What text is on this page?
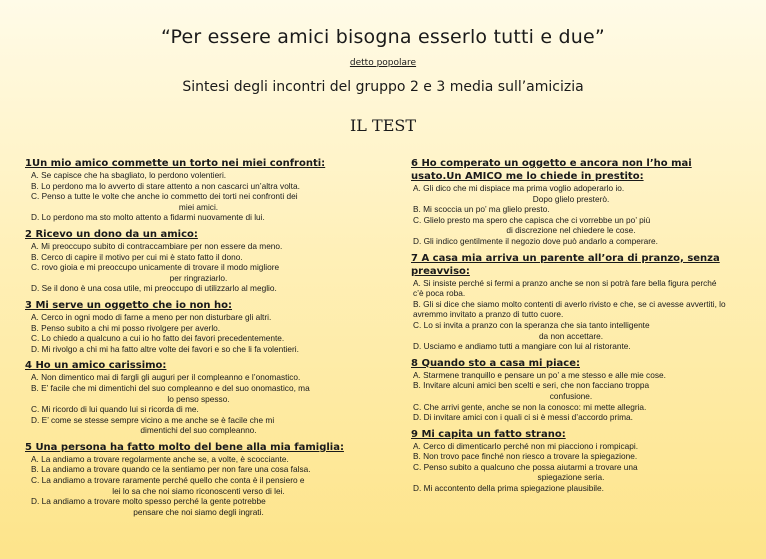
“Per essere amici bisogna esserlo tutti e due”
detto popolare
Sintesi degli incontri del gruppo 2 e 3 media sull’amicizia
IL TEST
1Un mio amico commette un torto nei miei confronti:
A. Se capisce che ha sbagliato, lo perdono volentieri.
B. Lo perdono ma lo avverto di stare attento a non cascarci un’altra volta.
C. Penso a tutte le volte che anche io commetto dei torti nei confronti dei
miei amici.
D. Lo perdono ma sto molto attento a fidarmi nuovamente di lui.
2 Ricevo un dono da un amico:
A. Mi preoccupo subito di contraccambiare per non essere da meno.
B. Cerco di capire il motivo per cui mi è stato fatto il dono.
C. rovo gioia e mi preoccupo unicamente di trovare il modo migliore
per ringraziarlo.
D. Se il dono è una cosa utile, mi preoccupo di utilizzarlo al meglio.
3 Mi serve un oggetto che io non ho:
A. Cerco in ogni modo di farne a meno per non disturbare gli altri.
B. Penso subito a chi mi posso rivolgere per averlo.
C. Lo chiedo a qualcuno a cui io ho fatto dei favori precedentemente.
D. Mi rivolgo a chi mi ha fatto altre volte dei favori e so che li fa volentieri.
4 Ho un amico carissimo:
A. Non dimentico mai di fargli gli auguri per il compleanno e l’onomastico.
B. E’ facile che mi dimentichi del suo compleanno e del suo onomastico, ma
lo penso spesso.
C. Mi ricordo di lui quando lui si ricorda di me.
D. E’ come se stesse sempre vicino a me anche se è facile che mi
dimentichi del suo compleanno.
5 Una persona ha fatto molto del bene alla mia famiglia:
A. La andiamo a trovare regolarmente anche se, a volte, è scocciante.
B. La andiamo a trovare quando ce la sentiamo per non fare una cosa falsa.
C. La andiamo a trovare raramente perché quello che conta è il pensiero e
lei lo sa che noi siamo riconoscenti verso di lei.
D. La andiamo a trovare molto spesso perché la gente potrebbe
pensare che noi siamo degli ingrati.
6 Ho comperato un oggetto e ancora non l’ho mai usato.Un AMICO me lo chiede in prestito:
A. Gli dico che mi dispiace ma prima voglio adoperarlo io.
Dopo glielo presterò.
B. Mi scoccia un po’ ma glielo presto.
C. Glielo presto ma spero che capisca che ci vorrebbe un po’ più
di discrezione nel chiedere le cose.
D. Gli indico gentilmente il negozio dove può andarlo a comperare.
7 A casa mia arriva un parente all’ora di pranzo, senza preavviso:
A. Si insiste perché si fermi a pranzo anche se non si potrà fare bella figura perché c’è poca roba.
B. Gli si dice che siamo molto contenti di averlo rivisto e che, se ci avesse avvertiti, lo avremmo invitato a pranzo di tutto cuore.
C. Lo si invita a pranzo con la speranza che sia tanto intelligente
da non accettare.
D. Usciamo e andiamo tutti a mangiare con lui al ristorante.
8 Quando sto a casa mi piace:
A. Starmene tranquillo e pensare un po’ a me stesso e alle mie cose.
B. Invitare alcuni amici ben scelti e seri, che non facciano troppa
confusione.
C. Che arrivi gente, anche se non la conosco: mi mette allegria.
D. Di invitare amici con i quali ci si è messi d’accordo prima.
9 Mi capita un fatto strano:
A. Cerco di dimenticarlo perché non mi piacciono i rompicapi.
B. Non trovo pace finché non riesco a trovare la spiegazione.
C. Penso subito a qualcuno che possa aiutarmi a trovare una
spiegazione seria.
D. Mi accontento della prima spiegazione plausibile.
